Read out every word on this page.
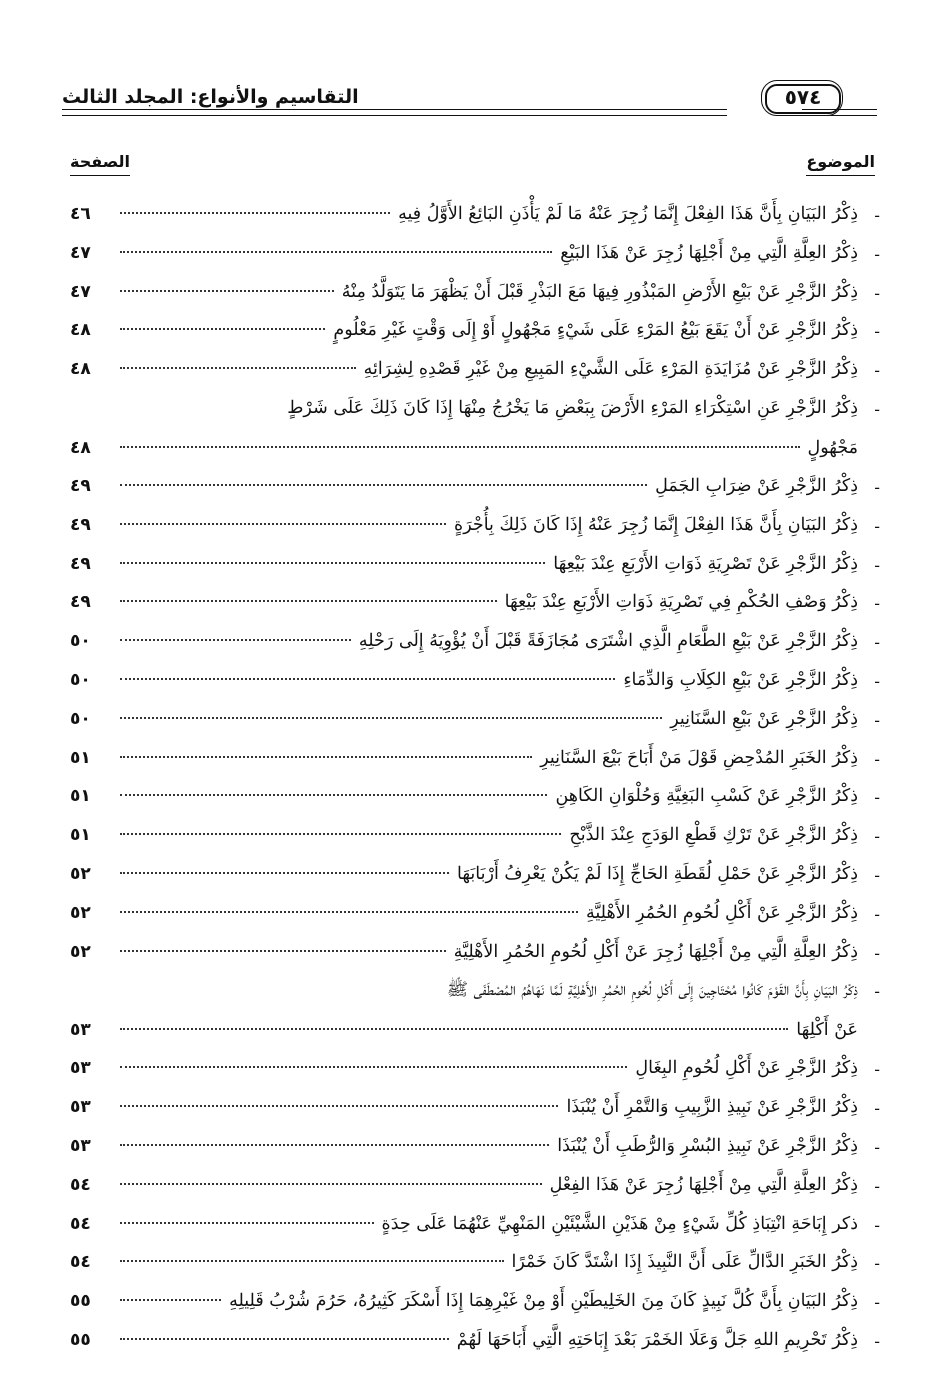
التقاسيم والأنواع: المجلد الثالث	٥٧٤
الموضوع
الصفحة
-
ذِكْرُ البَيَانِ بِأَنَّ هَذَا الفِعْلَ إِنَّمَا زُجِرَ عَنْهُ مَا لَمْ يَأْذَنِ البَائِعُ الأَوَّلُ فِيهِ
٤٦
-
ذِكْرُ العِلَّةِ الَّتِي مِنْ أَجْلِهَا زُجِرَ عَنْ هَذَا البَيْعِ
٤٧
-
ذِكْرُ الزَّجْرِ عَنْ بَيْعِ الأَرْضِ المَبْذُورِ فِيهَا مَعَ البَذْرِ قَبْلَ أَنْ يَظْهَرَ مَا يَتَوَلَّدُ مِنْهُ
٤٧
-
ذِكْرُ الزَّجْرِ عَنْ أَنْ يَقَعَ بَيْعُ المَرْءِ عَلَى شَيْءٍ مَجْهُولٍ أَوْ إِلَى وَقْتٍ غَيْرِ مَعْلُومٍ
٤٨
-
ذِكْرُ الزَّجْرِ عَنْ مُزَايَدَةِ المَرْءِ عَلَى الشَّيْءِ المَبِيعِ مِنْ غَيْرِ قَصْدِهِ لِشِرَائِهِ
٤٨
-
ذِكْرُ الزَّجْرِ عَنِ اسْتِكْرَاءِ المَرْءِ الأَرْضَ بِبَعْضِ مَا يَخْرُجُ مِنْهَا إِذَا كَانَ ذَلِكَ عَلَى شَرْطٍ
مَجْهُولٍ
٤٨
-
ذِكْرُ الزَّجْرِ عَنْ ضِرَابِ الجَمَلِ
٤٩
-
ذِكْرُ البَيَانِ بِأَنَّ هَذَا الفِعْلَ إِنَّمَا زُجِرَ عَنْهُ إِذَا كَانَ ذَلِكَ بِأُجْرَةٍ
٤٩
-
ذِكْرُ الزَّجْرِ عَنْ تَصْرِيَةِ ذَوَاتِ الأَرْبَعِ عِنْدَ بَيْعِهَا
٤٩
-
ذِكْرُ وَصْفِ الحُكْمِ فِي تَصْرِيَةِ ذَوَاتِ الأَرْبَعِ عِنْدَ بَيْعِهَا
٤٩
-
ذِكْرُ الزَّجْرِ عَنْ بَيْعِ الطَّعَامِ الَّذِي اشْتَرَى مُجَازَفَةً قَبْلَ أَنْ يُؤْوِيَهُ إِلَى رَحْلِهِ
٥٠
-
ذِكْرُ الزَّجْرِ عَنْ بَيْعِ الكِلَابِ وَالدِّمَاءِ
٥٠
-
ذِكْرُ الزَّجْرِ عَنْ بَيْعِ السَّنَانِيرِ
٥٠
-
ذِكْرُ الخَبَرِ المُدْحِضِ قَوْلَ مَنْ أَبَاحَ بَيْعَ السَّنَانِيرِ
٥١
-
ذِكْرُ الزَّجْرِ عَنْ كَسْبِ البَغِيَّةِ وَحُلْوَانِ الكَاهِنِ
٥١
-
ذِكْرُ الزَّجْرِ عَنْ تَرْكِ قَطْعِ الوَدَجِ عِنْدَ الذَّبْحِ
٥١
-
ذِكْرُ الزَّجْرِ عَنْ حَمْلِ لُقَطَةِ الحَاجِّ إِذَا لَمْ يَكُنْ يَعْرِفُ أَرْبَابَهَا
٥٢
-
ذِكْرُ الزَّجْرِ عَنْ أَكْلِ لُحُومِ الحُمُرِ الأَهْلِيَّةِ
٥٢
-
ذِكْرُ العِلَّةِ الَّتِي مِنْ أَجْلِهَا زُجِرَ عَنْ أَكْلِ لُحُومِ الحُمُرِ الأَهْلِيَّةِ
٥٢
-
ذِكْرُ البَيَانِ بِأَنَّ القَوْمَ كَانُوا مُحْتَاجِينَ إِلَى أَكْلِ لُحُومِ الحُمُرِ الأَهْلِيَّةِ لَمَّا نَهَاهُمُ المُصْطَفَى ﷺ
عَنْ أَكْلِهَا
٥٣
-
ذِكْرُ الزَّجْرِ عَنْ أَكْلِ لُحُومِ البِغَالِ
٥٣
-
ذِكْرُ الزَّجْرِ عَنْ نَبِيذِ الزَّبِيبِ وَالتَّمْرِ أَنْ يُنْبَذَا
٥٣
-
ذِكْرُ الزَّجْرِ عَنْ نَبِيذِ البُسْرِ وَالرُّطَبِ أَنْ يُنْبَذَا
٥٣
-
ذِكْرُ العِلَّةِ الَّتِي مِنْ أَجْلِهَا زُجِرَ عَنْ هَذَا الفِعْلِ
٥٤
-
ذكر إِبَاحَةِ انْتِبَاذِ كُلِّ شَيْءٍ مِنْ هَذَيْنِ الشَّيْئَيْنِ المَنْهِيِّ عَنْهُمَا عَلَى حِدَةٍ
٥٤
-
ذِكْرُ الخَبَرِ الدَّالِّ عَلَى أَنَّ النَّبِيذَ إِذَا اشْتَدَّ كَانَ خَمْرًا
٥٤
-
ذِكْرُ البَيَانِ بِأَنَّ كُلَّ نَبِيذٍ كَانَ مِنَ الخَلِيطَيْنِ أَوْ مِنْ غَيْرِهِمَا إِذَا أَسْكَرَ كَثِيرُهُ، حَرُمَ شُرْبُ قَلِيلِهِ
٥٥
-
ذِكْرُ تَحْرِيمِ اللهِ جَلَّ وَعَلَا الخَمْرَ بَعْدَ إِبَاحَتِهِ الَّتِي أَبَاحَهَا لَهُمْ
٥٥
